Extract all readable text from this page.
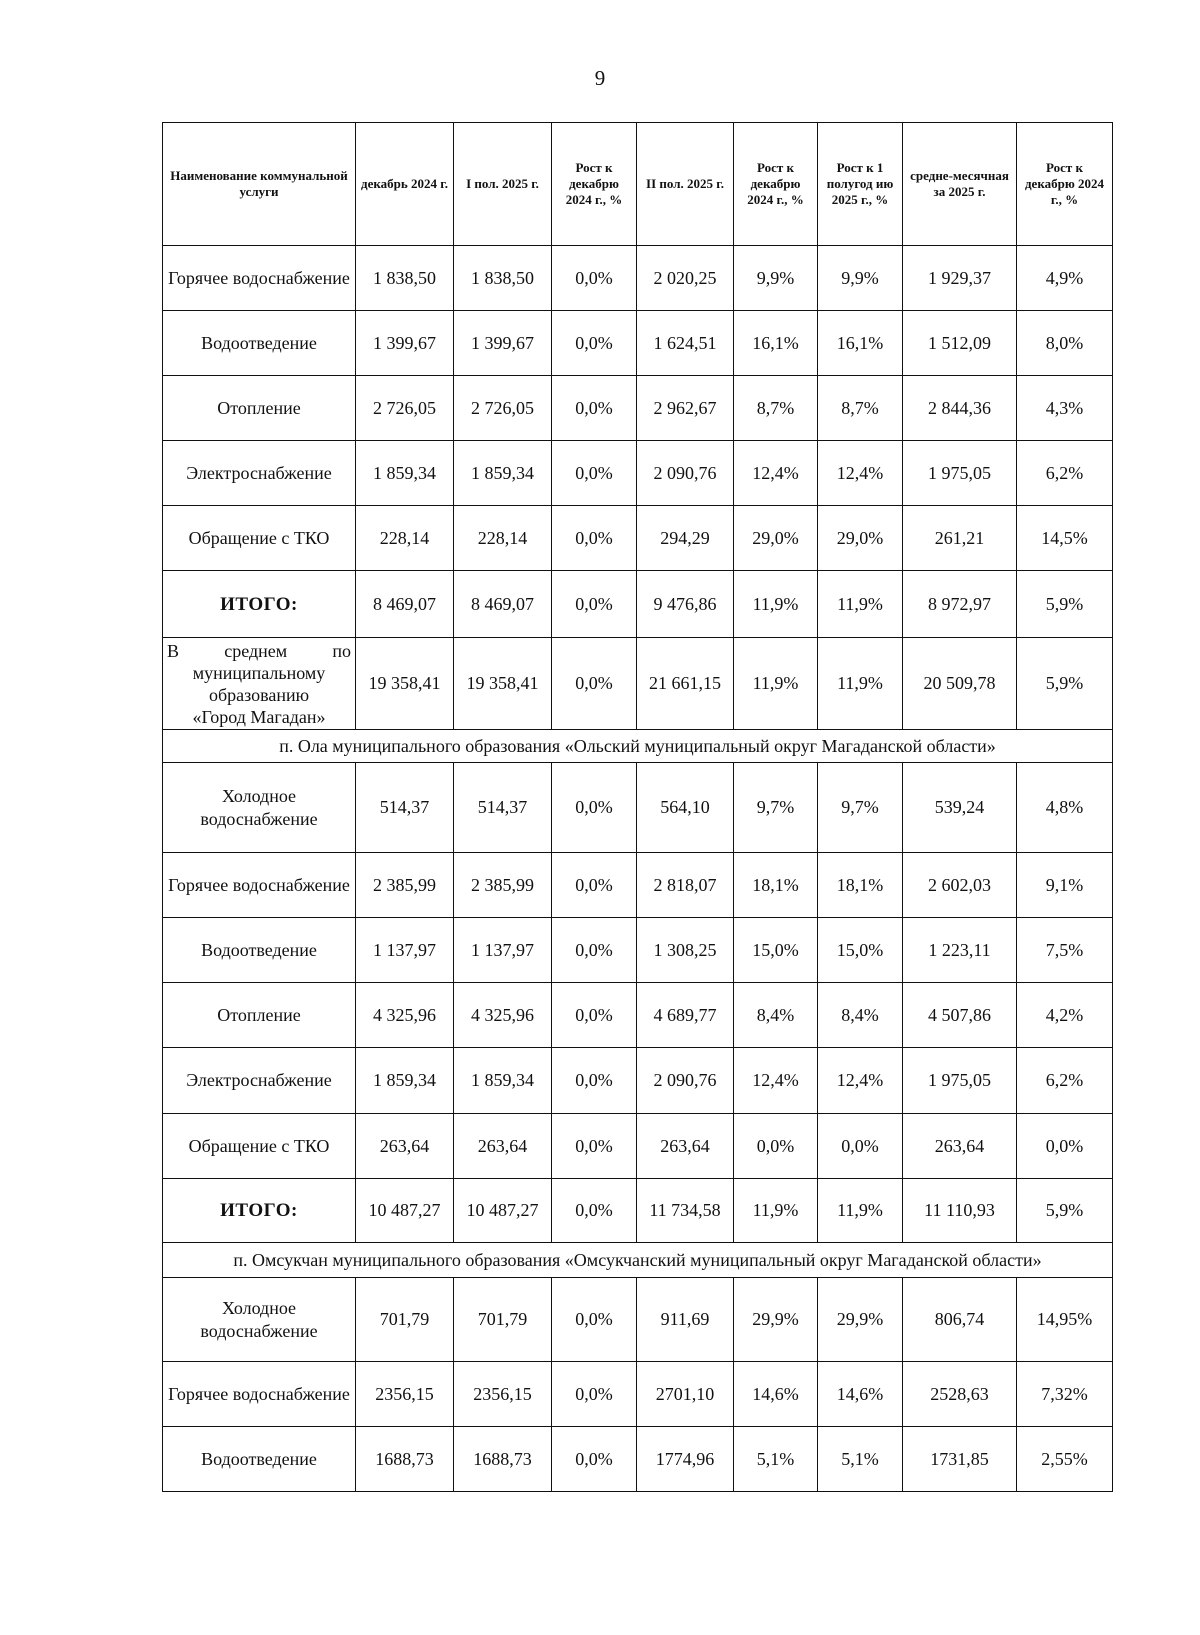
9
Наименование коммунальной услуги	декабрь 2024 г.	I пол. 2025 г.	Рост к декабрю 2024 г., %	II пол. 2025 г.	Рост к декабрю 2024 г., %	Рост к 1 полугод ию 2025 г., %	средне-месячная за 2025 г.	Рост к декабрю 2024 г., %
Горячее водоснабжение	1 838,50	1 838,50	0,0%	2 020,25	9,9%	9,9%	1 929,37	4,9%
Водоотведение	1 399,67	1 399,67	0,0%	1 624,51	16,1%	16,1%	1 512,09	8,0%
Отопление	2 726,05	2 726,05	0,0%	2 962,67	8,7%	8,7%	2 844,36	4,3%
Электроснабжение	1 859,34	1 859,34	0,0%	2 090,76	12,4%	12,4%	1 975,05	6,2%
Обращение с ТКО	228,14	228,14	0,0%	294,29	29,0%	29,0%	261,21	14,5%
ИТОГО:	8 469,07	8 469,07	0,0%	9 476,86	11,9%	11,9%	8 972,97	5,9%

В среднем по
муниципальному
образованию
«Город Магадан»	19 358,41	19 358,41	0,0%	21 661,15	11,9%	11,9%	20 509,78	5,9%
п. Ола муниципального образования «Ольский муниципальный округ Магаданской области»								
Холодное водоснабжение	514,37	514,37	0,0%	564,10	9,7%	9,7%	539,24	4,8%
Горячее водоснабжение	2 385,99	2 385,99	0,0%	2 818,07	18,1%	18,1%	2 602,03	9,1%
Водоотведение	1 137,97	1 137,97	0,0%	1 308,25	15,0%	15,0%	1 223,11	7,5%
Отопление	4 325,96	4 325,96	0,0%	4 689,77	8,4%	8,4%	4 507,86	4,2%
Электроснабжение	1 859,34	1 859,34	0,0%	2 090,76	12,4%	12,4%	1 975,05	6,2%
Обращение с ТКО	263,64	263,64	0,0%	263,64	0,0%	0,0%	263,64	0,0%
ИТОГО:	10 487,27	10 487,27	0,0%	11 734,58	11,9%	11,9%	11 110,93	5,9%
п. Омсукчан муниципального образования «Омсукчанский муниципальный округ Магаданской области»								
Холодное водоснабжение	701,79	701,79	0,0%	911,69	29,9%	29,9%	806,74	14,95%
Горячее водоснабжение	2356,15	2356,15	0,0%	2701,10	14,6%	14,6%	2528,63	7,32%
Водоотведение	1688,73	1688,73	0,0%	1774,96	5,1%	5,1%	1731,85	2,55%
